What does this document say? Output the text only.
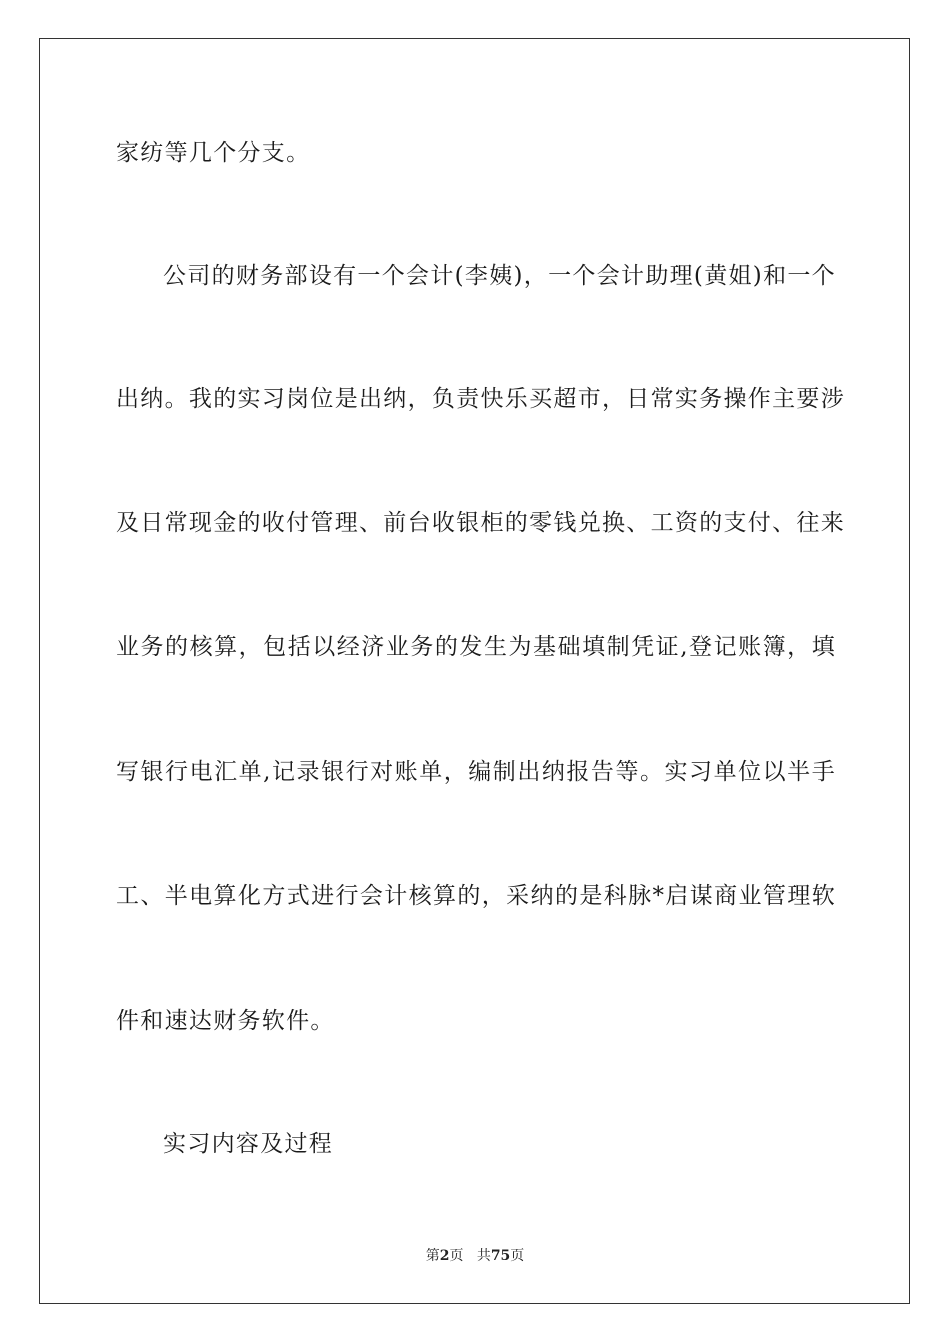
家纺等几个分支。
公司的财务部设有一个会计(李姨)，一个会计助理(黄姐)和一个
出纳。我的实习岗位是出纳，负责快乐买超市，日常实务操作主要涉
及日常现金的收付管理、前台收银柜的零钱兑换、工资的支付、往来
业务的核算，包括以经济业务的发生为基础填制凭证,登记账簿，填
写银行电汇单,记录银行对账单，编制出纳报告等。实习单位以半手
工、半电算化方式进行会计核算的，采纳的是科脉*启谋商业管理软
件和速达财务软件。
实习内容及过程
第2页 共75页
